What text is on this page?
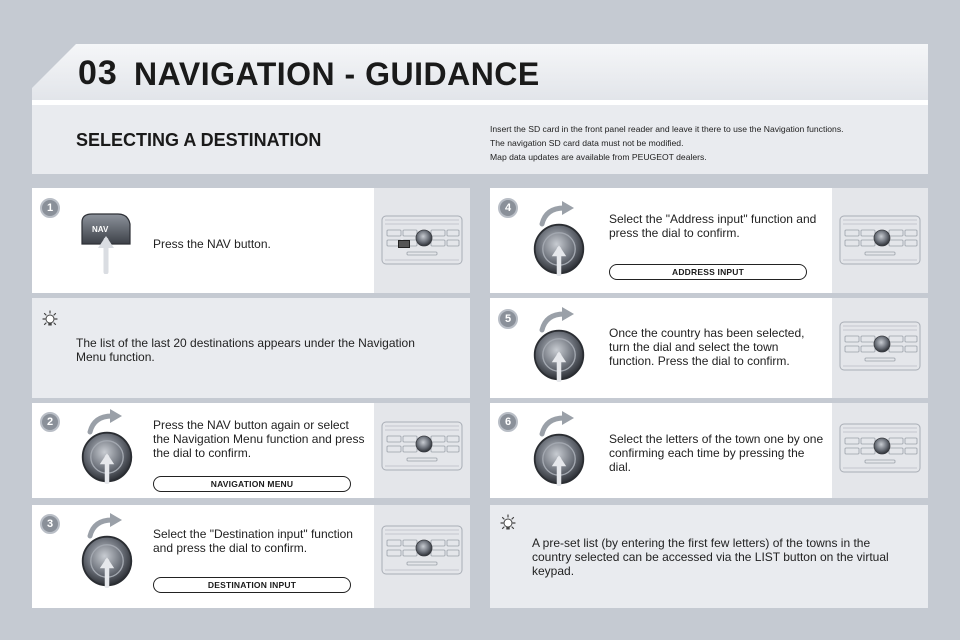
03 NAVIGATION - GUIDANCE
SELECTING A DESTINATION
Insert the SD card in the front panel reader and leave it there to use the Navigation functions.
The navigation SD card data must not be modified.
Map data updates are available from PEUGEOT dealers.
1
NAV
Press the NAV button.
The list of the last 20 destinations appears under the Navigation Menu function.
2	Press the NAV button again or select the Navigation Menu function and press the dial to confirm.
NAVIGATION MENU
3
Select the "Destination input" function and press the dial to confirm.
DESTINATION INPUT
4
Select the "Address input" function and press the dial to confirm.
ADDRESS INPUT
5
Once the country has been selected, turn the dial and select the town function. Press the dial to confirm.
6
Select the letters of the town one by one confirming each time by pressing the dial.
A pre-set list (by entering the first few letters) of the towns in the country selected can be accessed via the LIST button on the virtual keypad.
